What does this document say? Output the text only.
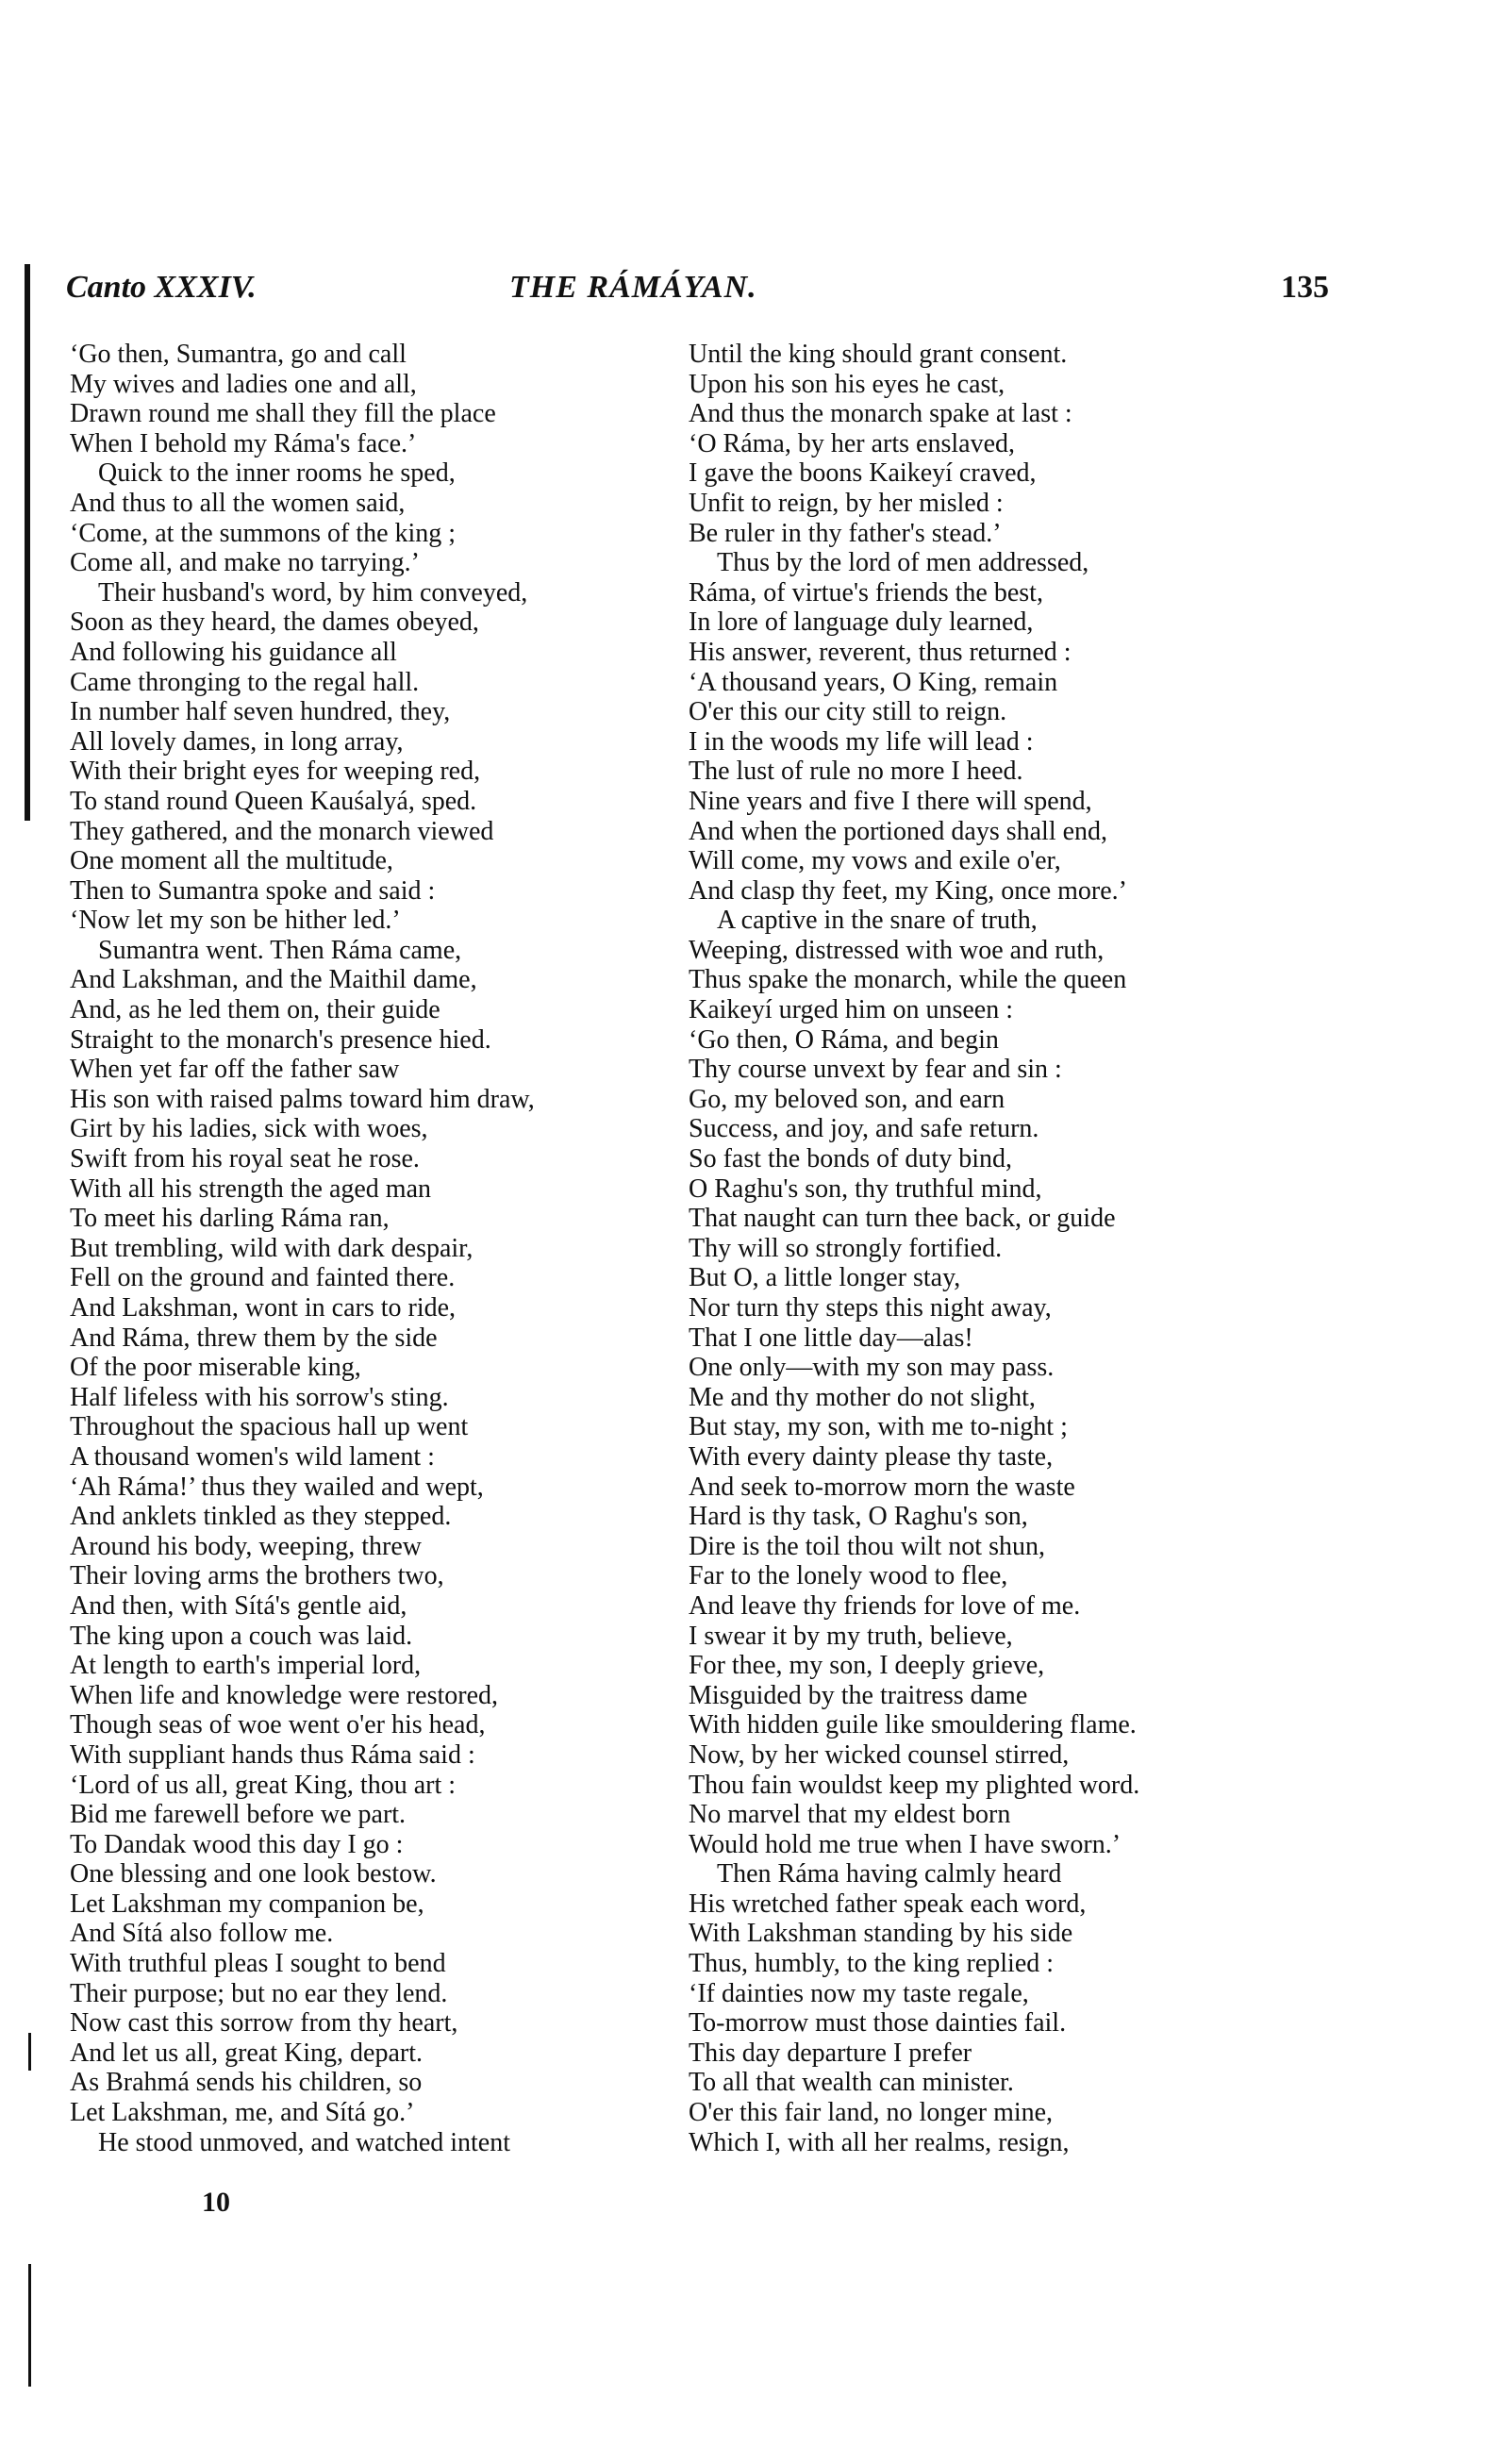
Canto XXXIV.	THE RÁMÁYAN.	135
‘Go then, Sumantra, go and call
My wives and ladies one and all,
Drawn round me shall they fill the place
When I behold my Ráma's face.’
Quick to the inner rooms he sped,
And thus to all the women said,
‘Come, at the summons of the king ;
Come all, and make no tarrying.’
Their husband's word, by him conveyed,
Soon as they heard, the dames obeyed,
And following his guidance all
Came thronging to the regal hall.
In number half seven hundred, they,
All lovely dames, in long array,
With their bright eyes for weeping red,
To stand round Queen Kauśalyá, sped.
They gathered, and the monarch viewed
One moment all the multitude,
Then to Sumantra spoke and said :
‘Now let my son be hither led.’
Sumantra went. Then Ráma came,
And Lakshman, and the Maithil dame,
And, as he led them on, their guide
Straight to the monarch's presence hied.
When yet far off the father saw
His son with raised palms toward him draw,
Girt by his ladies, sick with woes,
Swift from his royal seat he rose.
With all his strength the aged man
To meet his darling Ráma ran,
But trembling, wild with dark despair,
Fell on the ground and fainted there.
And Lakshman, wont in cars to ride,
And Ráma, threw them by the side
Of the poor miserable king,
Half lifeless with his sorrow's sting.
Throughout the spacious hall up went
A thousand women's wild lament :
‘Ah Ráma!’ thus they wailed and wept,
And anklets tinkled as they stepped.
Around his body, weeping, threw
Their loving arms the brothers two,
And then, with Sítá's gentle aid,
The king upon a couch was laid.
At length to earth's imperial lord,
When life and knowledge were restored,
Though seas of woe went o'er his head,
With suppliant hands thus Ráma said :
‘Lord of us all, great King, thou art :
Bid me farewell before we part.
To Dandak wood this day I go :
One blessing and one look bestow.
Let Lakshman my companion be,
And Sítá also follow me.
With truthful pleas I sought to bend
Their purpose; but no ear they lend.
Now cast this sorrow from thy heart,
And let us all, great King, depart.
As Brahmá sends his children, so
Let Lakshman, me, and Sítá go.’
He stood unmoved, and watched intent
Until the king should grant consent.
Upon his son his eyes he cast,
And thus the monarch spake at last :
‘O Ráma, by her arts enslaved,
I gave the boons Kaikeyí craved,
Unfit to reign, by her misled :
Be ruler in thy father's stead.’
Thus by the lord of men addressed,
Ráma, of virtue's friends the best,
In lore of language duly learned,
His answer, reverent, thus returned :
‘A thousand years, O King, remain
O'er this our city still to reign.
I in the woods my life will lead :
The lust of rule no more I heed.
Nine years and five I there will spend,
And when the portioned days shall end,
Will come, my vows and exile o'er,
And clasp thy feet, my King, once more.’
A captive in the snare of truth,
Weeping, distressed with woe and ruth,
Thus spake the monarch, while the queen
Kaikeyí urged him on unseen :
‘Go then, O Ráma, and begin
Thy course unvext by fear and sin :
Go, my beloved son, and earn
Success, and joy, and safe return.
So fast the bonds of duty bind,
O Raghu's son, thy truthful mind,
That naught can turn thee back, or guide
Thy will so strongly fortified.
But O, a little longer stay,
Nor turn thy steps this night away,
That I one little day—alas!
One only—with my son may pass.
Me and thy mother do not slight,
But stay, my son, with me to-night ;
With every dainty please thy taste,
And seek to-morrow morn the waste
Hard is thy task, O Raghu's son,
Dire is the toil thou wilt not shun,
Far to the lonely wood to flee,
And leave thy friends for love of me.
I swear it by my truth, believe,
For thee, my son, I deeply grieve,
Misguided by the traitress dame
With hidden guile like smouldering flame.
Now, by her wicked counsel stirred,
Thou fain wouldst keep my plighted word.
No marvel that my eldest born
Would hold me true when I have sworn.’
Then Ráma having calmly heard
His wretched father speak each word,
With Lakshman standing by his side
Thus, humbly, to the king replied :
‘If dainties now my taste regale,
To-morrow must those dainties fail.
This day departure I prefer
To all that wealth can minister.
O'er this fair land, no longer mine,
Which I, with all her realms, resign,
10
